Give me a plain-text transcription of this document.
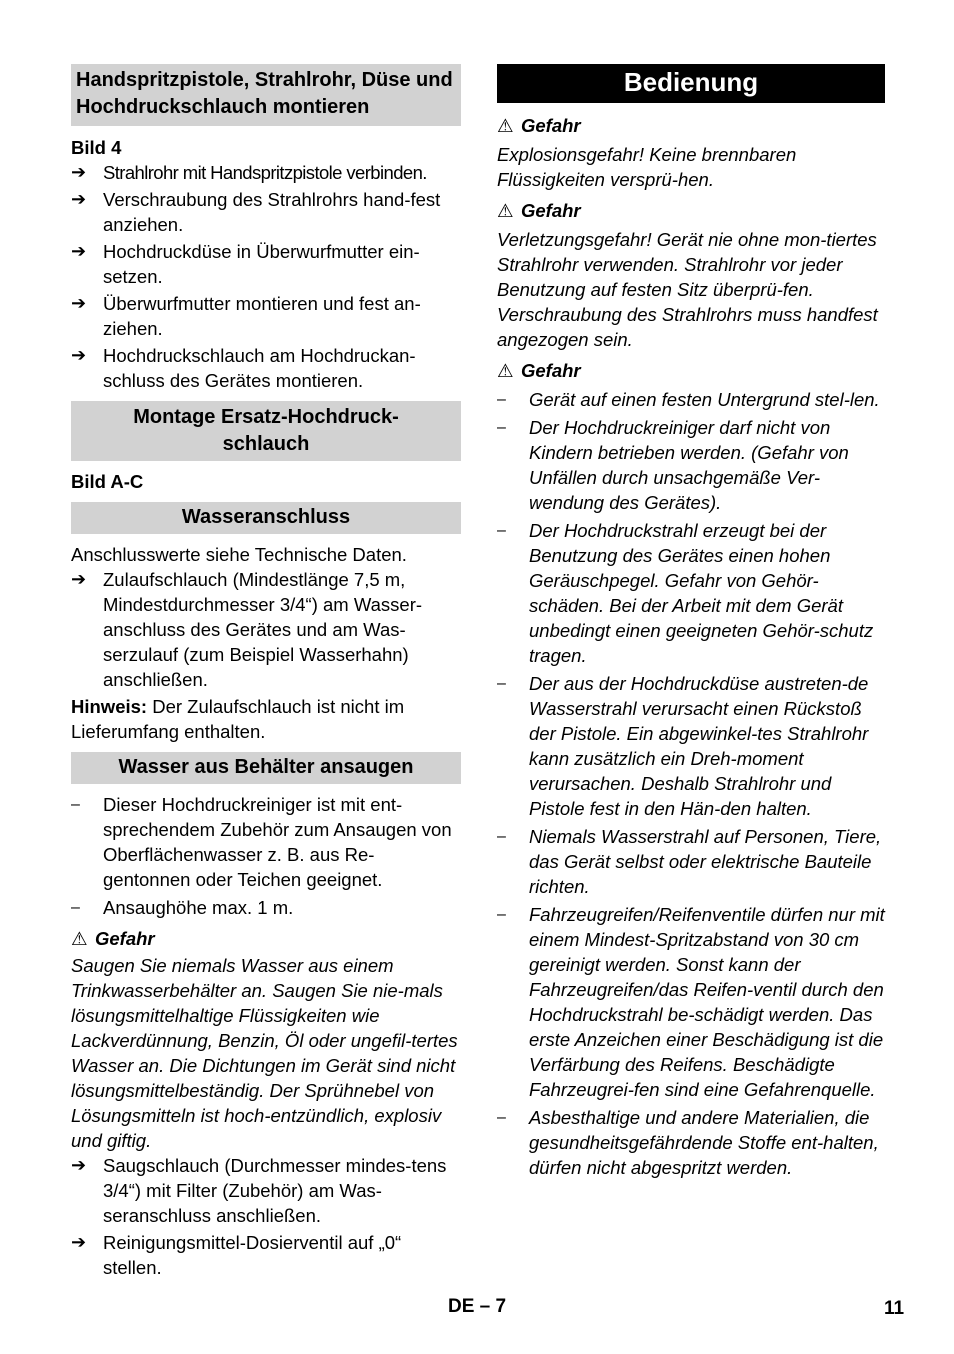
Handspritzpistole, Strahlrohr, Düse und Hochdruckschlauch montieren
Bild 4
➔ Strahlrohr mit Handspritzpistole verbinden.
➔ Verschraubung des Strahlrohrs hand-fest anziehen.
➔ Hochdruckdüse in Überwurfmutter ein-setzen.
➔ Überwurfmutter montieren und fest an-ziehen.
➔ Hochdruckschlauch am Hochdruckan-schluss des Gerätes montieren.
Montage Ersatz-Hochdruck-schlauch
Bild A-C
Wasseranschluss

Anschlusswerte siehe Technische Daten.

➔ Zulaufschlauch (Mindestlänge 7,5 m, Mindestdurchmesser 3/4“) am Wasser-anschluss des Gerätes und am Was-serzulauf (zum Beispiel Wasserhahn) anschließen.

Hinweis: Der Zulaufschlauch ist nicht im Lieferumfang enthalten.

Wasser aus Behälter ansaugen
– Dieser Hochdruckreiniger ist mit ent-sprechendem Zubehör zum Ansaugen von Oberflächenwasser z. B. aus Re-gentonnen oder Teichen geeignet.
– Ansaughöhe max. 1 m.
⚠ Gefahr

Saugen Sie niemals Wasser aus einem Trinkwasserbehälter an. Saugen Sie nie-mals lösungsmittelhaltige Flüssigkeiten wie Lackverdünnung, Benzin, Öl oder ungefil-tertes Wasser an. Die Dichtungen im Gerät sind nicht lösungsmittelbeständig. Der Sprühnebel von Lösungsmitteln ist hoch-entzündlich, explosiv und giftig.

➔ Saugschlauch (Durchmesser mindes-tens 3/4“) mit Filter (Zubehör) am Was-seranschluss anschließen.
➔ Reinigungsmittel-Dosierventil auf „0“ stellen.
Bedienung
⚠ Gefahr

Explosionsgefahr! Keine brennbaren Flüssigkeiten versprü-hen.

⚠ Gefahr

Verletzungsgefahr! Gerät nie ohne mon-tiertes Strahlrohr verwenden. Strahlrohr vor jeder Benutzung auf festen Sitz überprü-fen. Verschraubung des Strahlrohrs muss handfest angezogen sein.

⚠ Gefahr
– Gerät auf einen festen Untergrund stel-len.
– Der Hochdruckreiniger darf nicht von Kindern betrieben werden. (Gefahr von Unfällen durch unsachgemäße Ver-wendung des Gerätes).
– Der Hochdruckstrahl erzeugt bei der Benutzung des Gerätes einen hohen Geräuschpegel. Gefahr von Gehör-schäden. Bei der Arbeit mit dem Gerät unbedingt einen geeigneten Gehör-schutz tragen.
– Der aus der Hochdruckdüse austreten-de Wasserstrahl verursacht einen Rückstoß der Pistole. Ein abgewinkel-tes Strahlrohr kann zusätzlich ein Dreh-moment verursachen. Deshalb Strahlrohr und Pistole fest in den Hän-den halten.
– Niemals Wasserstrahl auf Personen, Tiere, das Gerät selbst oder elektrische Bauteile richten.
– Fahrzeugreifen/Reifenventile dürfen nur mit einem Mindest-Spritzabstand von 30 cm gereinigt werden. Sonst kann der Fahrzeugreifen/das Reifen-ventil durch den Hochdruckstrahl be-schädigt werden. Das erste Anzeichen einer Beschädigung ist die Verfärbung des Reifens. Beschädigte Fahrzeugrei-fen sind eine Gefahrenquelle.
– Asbesthaltige und andere Materialien, die gesundheitsgefährdende Stoffe ent-halten, dürfen nicht abgespritzt werden.
DE – 7	11
